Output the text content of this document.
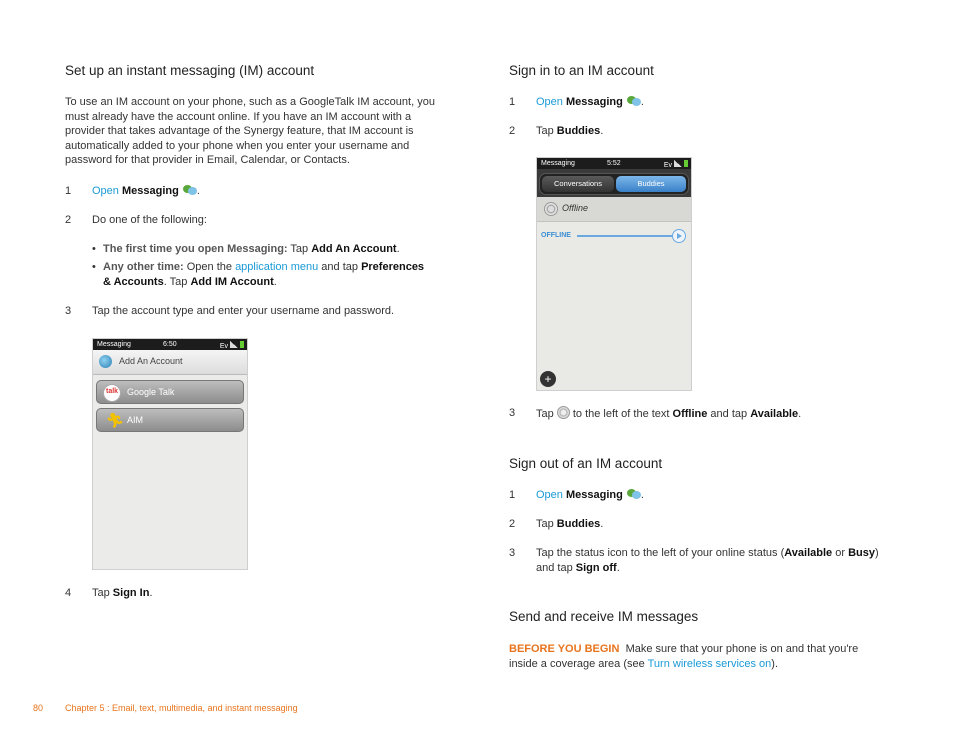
Set up an instant messaging (IM) account
To use an IM account on your phone, such as a GoogleTalk IM account, you must already have the account online. If you have an IM account with a provider that takes advantage of the Synergy feature, that IM account is automatically added to your phone when you enter your username and password for that provider in Email, Calendar, or Contacts.
1	Open Messaging .
2	Do one of the following:
• The first time you open Messaging: Tap Add An Account.
• Any other time: Open the application menu and tap Preferences
& Accounts. Tap Add IM Account.
3	Tap the account type and enter your username and password.
Messaging	6:50	Ev
Add An Account
talk Google Talk
🏃︎ AIM
4	Tap Sign In.
Sign in to an IM account
1	Open Messaging .
2	Tap Buddies.
Messaging	5:52	Ev
Conversations	Buddies
Offline
OFFLINE
+
3	Tap  to the left of the text Offline and tap Available.
Sign out of an IM account
1	Open Messaging .
2	Tap Buddies.
3	Tap the status icon to the left of your online status (Available or Busy)
and tap Sign off.
Send and receive IM messages
BEFORE YOU BEGIN Make sure that your phone is on and that you're
inside a coverage area (see Turn wireless services on).
80 Chapter 5 : Email, text, multimedia, and instant messaging
